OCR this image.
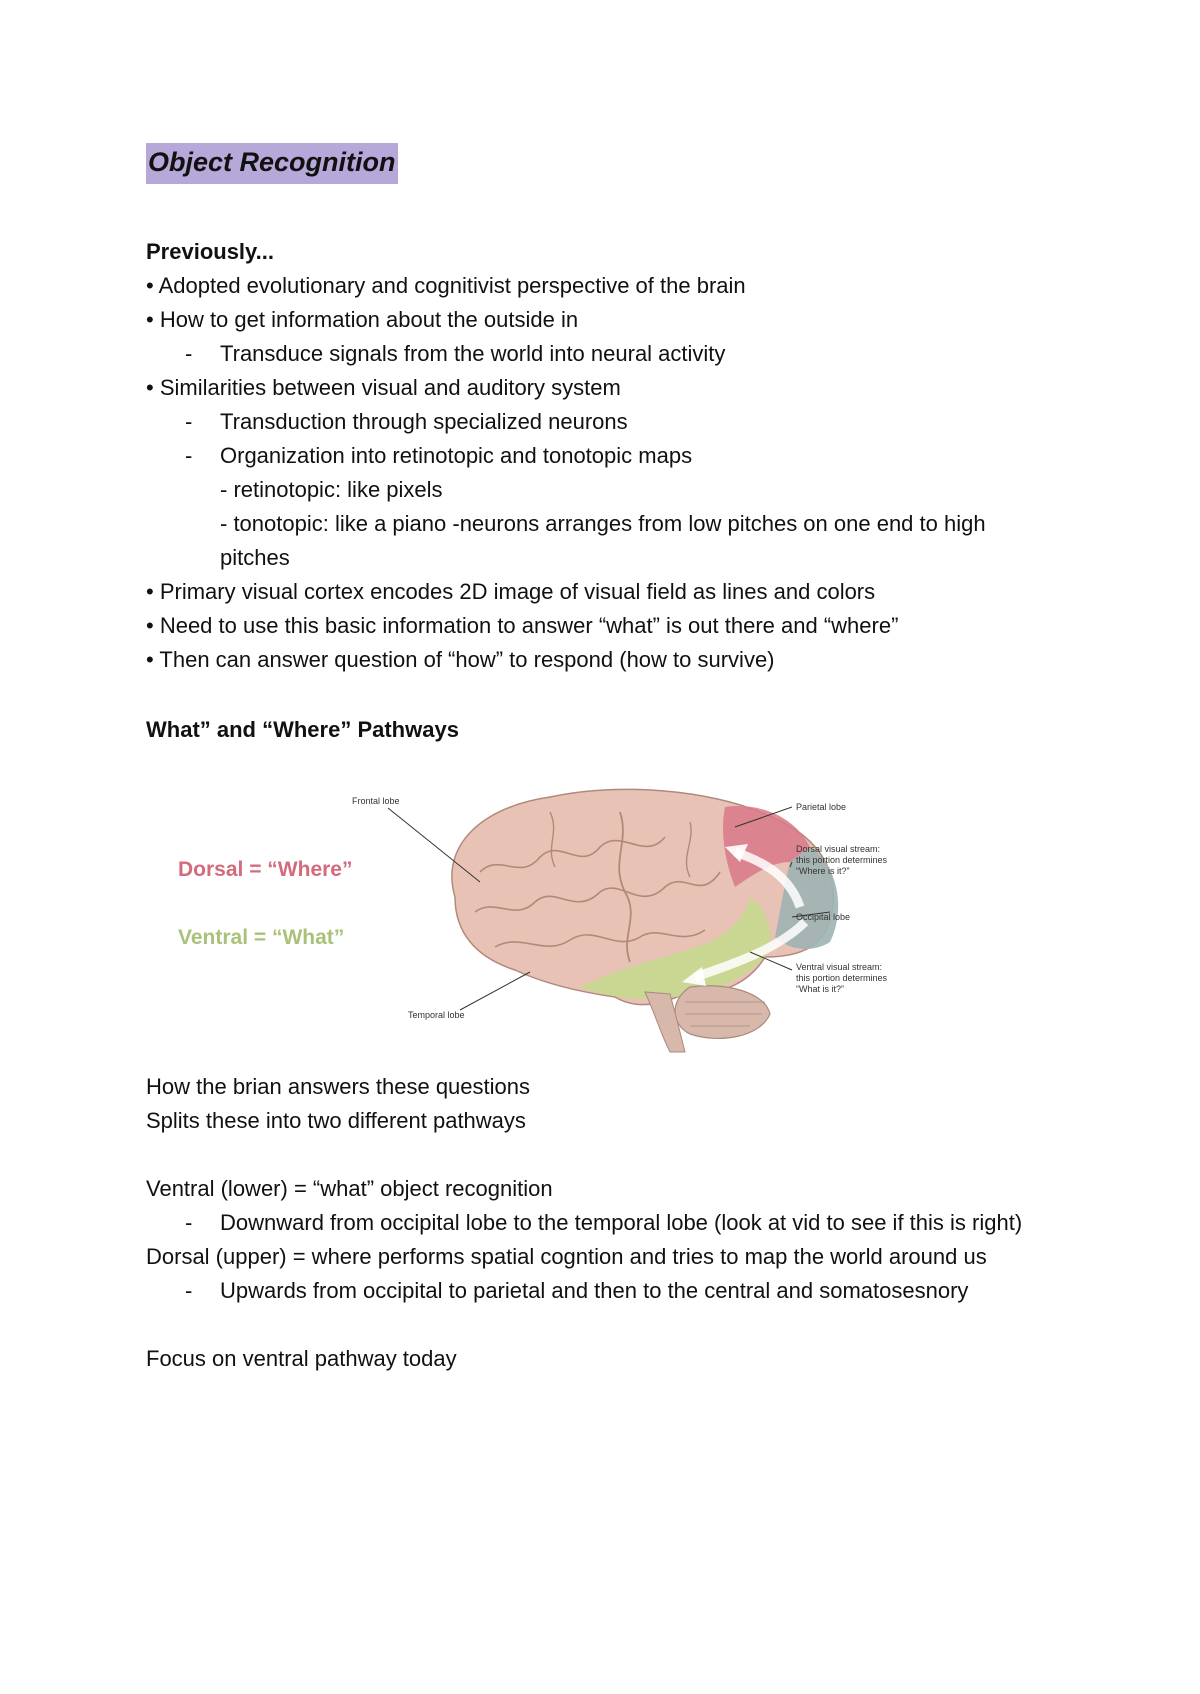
Object Recognition
Previously...
• Adopted evolutionary and cognitivist perspective of the brain
• How to get information about the outside in
- Transduce signals from the world into neural activity
• Similarities between visual and auditory system
- Transduction through specialized neurons
- Organization into retinotopic and tonotopic maps
- retinotopic: like pixels
- tonotopic: like a piano -neurons arranges from low pitches on one end to high
pitches
• Primary visual cortex encodes 2D image of visual field as lines and colors
• Need to use this basic information to answer “what” is out there and “where”
• Then can answer question of “how” to respond (how to survive)
What” and “Where” Pathways
Dorsal = “Where”
Ventral = “What”
Frontal lobe
Parietal lobe
Dorsal visual stream:
this portion determines
“Where is it?”
Occipital lobe
Ventral visual stream:
this portion determines
“What is it?”
Temporal lobe
How the brian answers these questions
Splits these into two different pathways
Ventral (lower) = “what” object recognition
- Downward from occipital lobe to the temporal lobe (look at vid to see if this is right)
Dorsal (upper) = where performs spatial cogntion and tries to map the world around us
- Upwards from occipital to parietal and then to the central and somatosesnory
Focus on ventral pathway today
